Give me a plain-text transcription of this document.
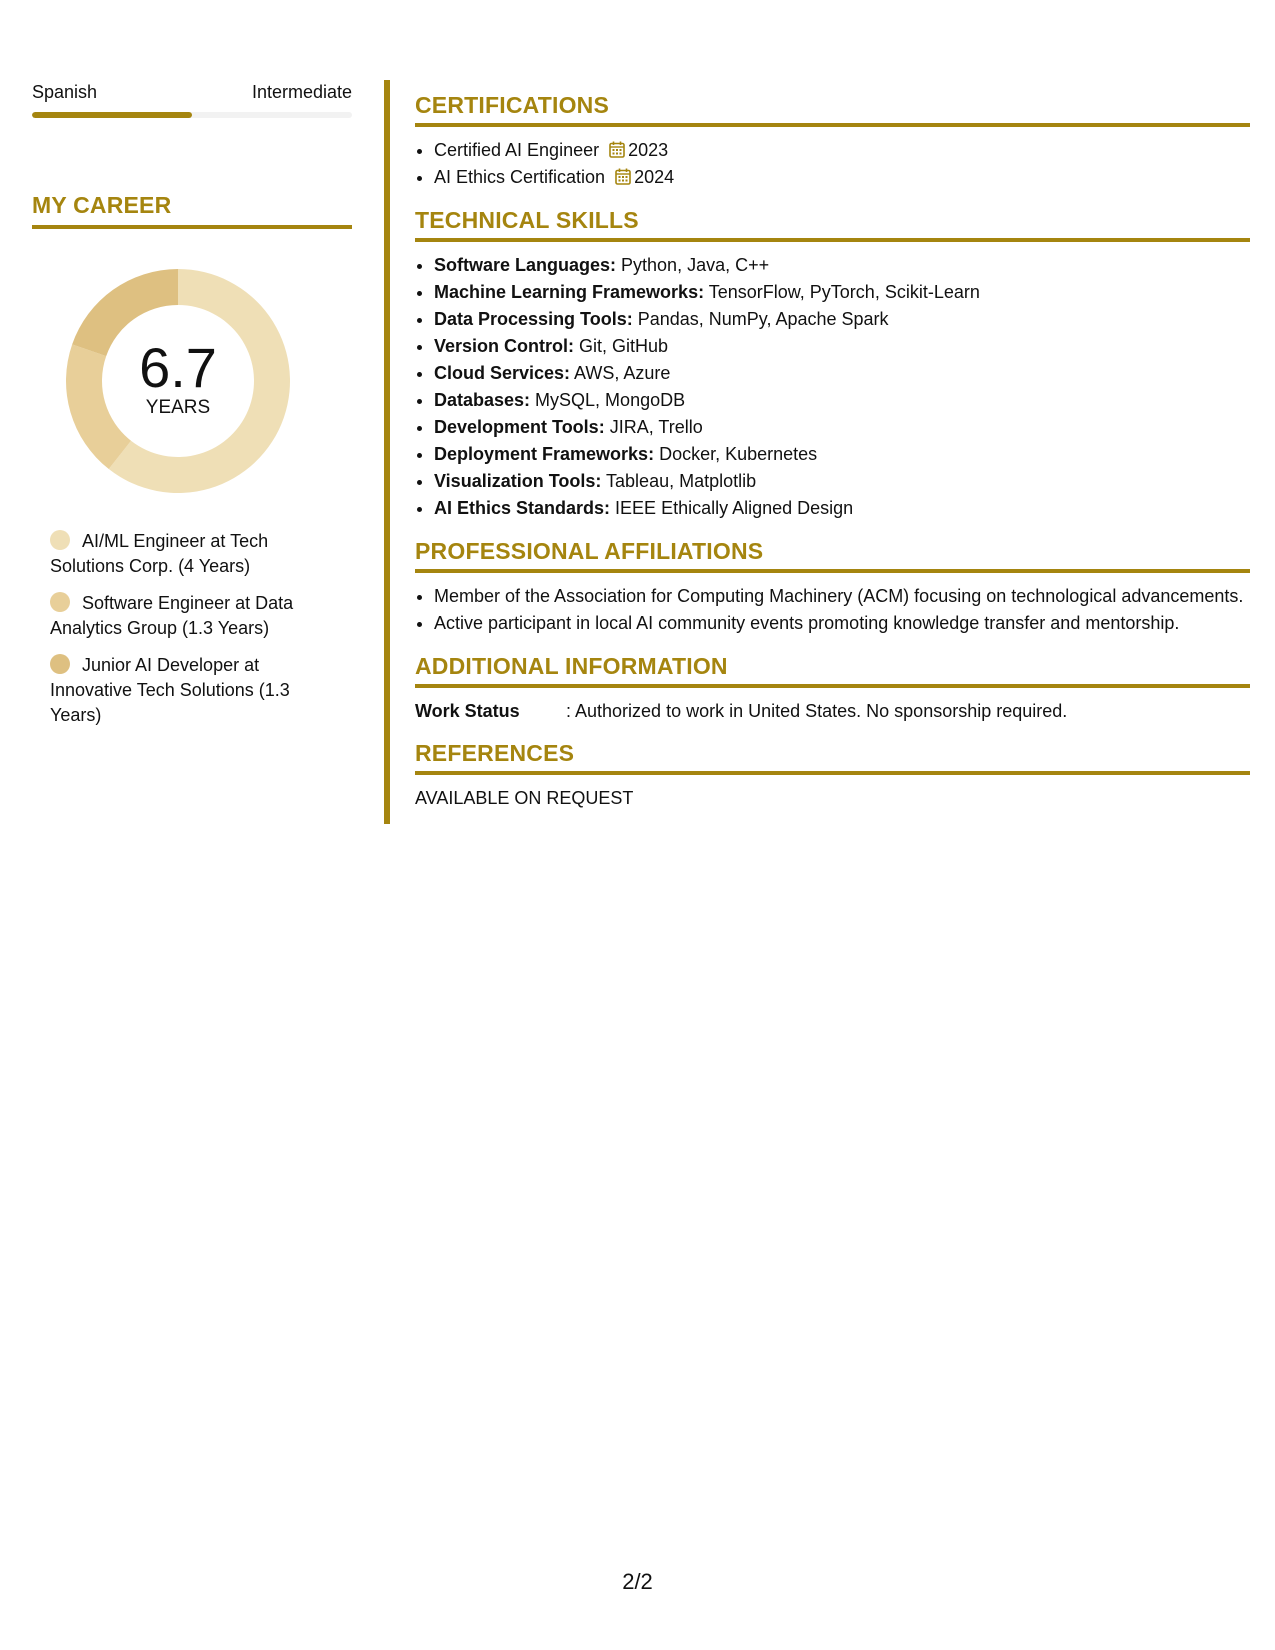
Spanish	Intermediate
MY CAREER
6.7
YEARS
AI/ML Engineer at Tech Solutions Corp. (4 Years)
Software Engineer at Data Analytics Group (1.3 Years)
Junior AI Developer at Innovative Tech Solutions (1.3 Years)
CERTIFICATIONS
• Certified AI Engineer 2023
• AI Ethics Certification 2024
TECHNICAL SKILLS
• Software Languages: Python, Java, C++
• Machine Learning Frameworks: TensorFlow, PyTorch, Scikit-Learn
• Data Processing Tools: Pandas, NumPy, Apache Spark
• Version Control: Git, GitHub
• Cloud Services: AWS, Azure
• Databases: MySQL, MongoDB
• Development Tools: JIRA, Trello
• Deployment Frameworks: Docker, Kubernetes
• Visualization Tools: Tableau, Matplotlib
• AI Ethics Standards: IEEE Ethically Aligned Design
PROFESSIONAL AFFILIATIONS
• Member of the Association for Computing Machinery (ACM) focusing on technological advancements.
• Active participant in local AI community events promoting knowledge transfer and mentorship.
ADDITIONAL INFORMATION
Work Status	: Authorized to work in United States. No sponsorship required.
REFERENCES
AVAILABLE ON REQUEST
2/2
